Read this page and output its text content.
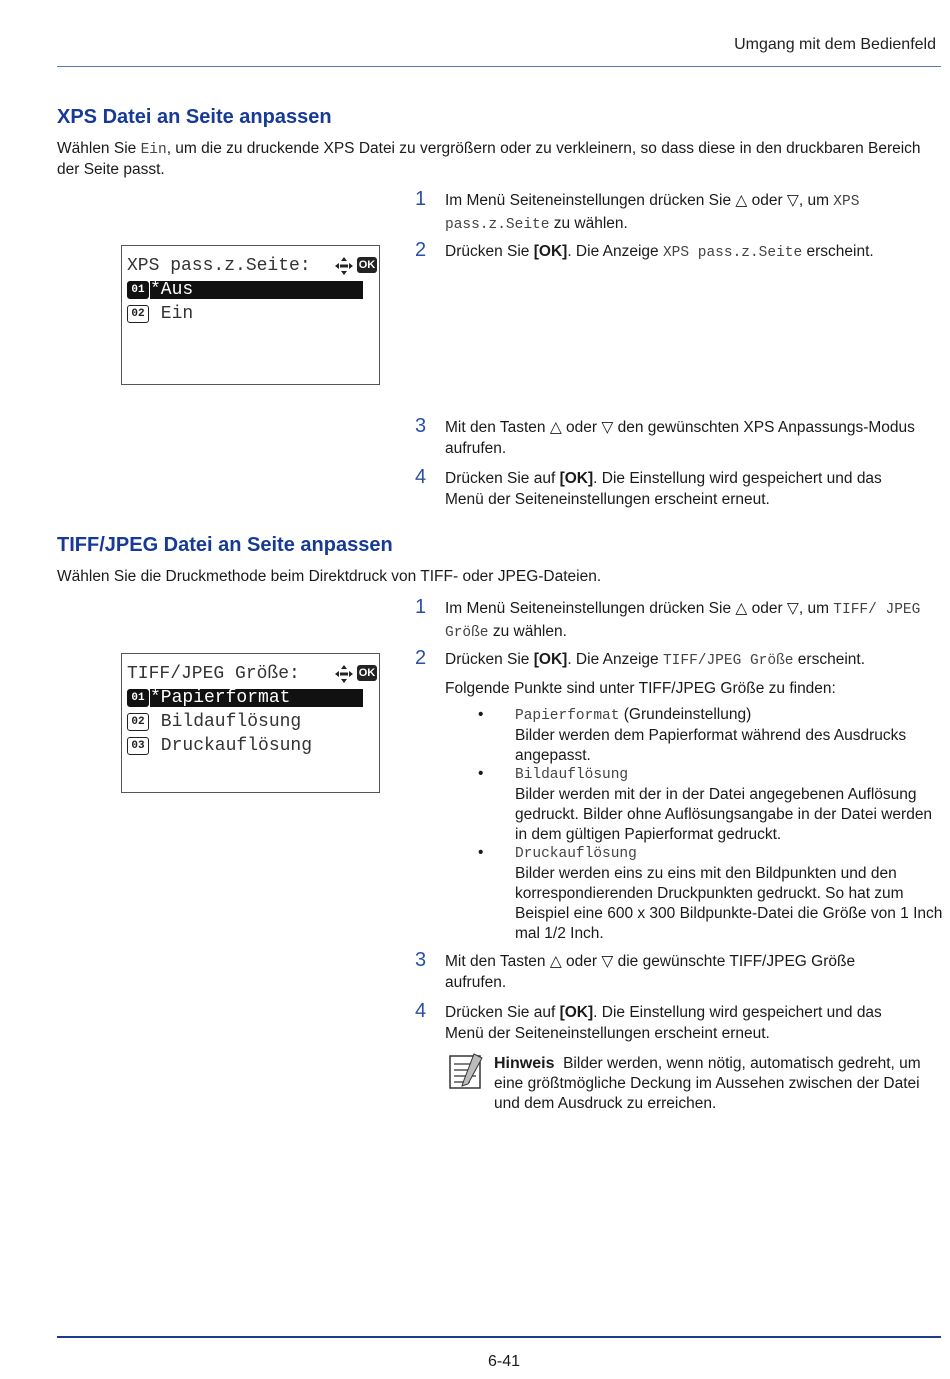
Umgang mit dem Bedienfeld
XPS Datei an Seite anpassen
Wählen Sie Ein, um die zu druckende XPS Datei zu vergrößern oder zu verkleinern, so dass diese in den druckbaren Bereich der Seite passt.
XPS pass.z.Seite:	OK
01 *Aus
02 Ein
1 Im Menü Seiteneinstellungen drücken Sie △ oder ▽, um XPS pass.z.Seite zu wählen.
2 Drücken Sie [OK]. Die Anzeige XPS pass.z.Seite erscheint.
3 Mit den Tasten △ oder ▽ den gewünschten XPS Anpassungs-Modus aufrufen.
4 Drücken Sie auf [OK]. Die Einstellung wird gespeichert und das Menü der Seiteneinstellungen erscheint erneut.
TIFF/JPEG Datei an Seite anpassen
Wählen Sie die Druckmethode beim Direktdruck von TIFF- oder JPEG-Dateien.
TIFF/JPEG Größe:	OK
01 *Papierformat
02 Bildauflösung
03 Druckauflösung
1 Im Menü Seiteneinstellungen drücken Sie △ oder ▽, um TIFF/ JPEG Größe zu wählen.
2 Drücken Sie [OK]. Die Anzeige TIFF/JPEG Größe erscheint.
Folgende Punkte sind unter TIFF/JPEG Größe zu finden:
• Papierformat (Grundeinstellung)
Bilder werden dem Papierformat während des Ausdrucks angepasst.
• Bildauflösung
Bilder werden mit der in der Datei angegebenen Auflösung gedruckt. Bilder ohne Auflösungsangabe in der Datei werden in dem gültigen Papierformat gedruckt.
• Druckauflösung
Bilder werden eins zu eins mit den Bildpunkten und den korrespondierenden Druckpunkten gedruckt. So hat zum Beispiel eine 600 x 300 Bildpunkte-Datei die Größe von 1 Inch mal 1/2 Inch.
3 Mit den Tasten △ oder ▽ die gewünschte TIFF/JPEG Größe aufrufen.
4 Drücken Sie auf [OK]. Die Einstellung wird gespeichert und das Menü der Seiteneinstellungen erscheint erneut.
Hinweis Bilder werden, wenn nötig, automatisch gedreht, um eine größtmögliche Deckung im Aussehen zwischen der Datei und dem Ausdruck zu erreichen.
6-41
